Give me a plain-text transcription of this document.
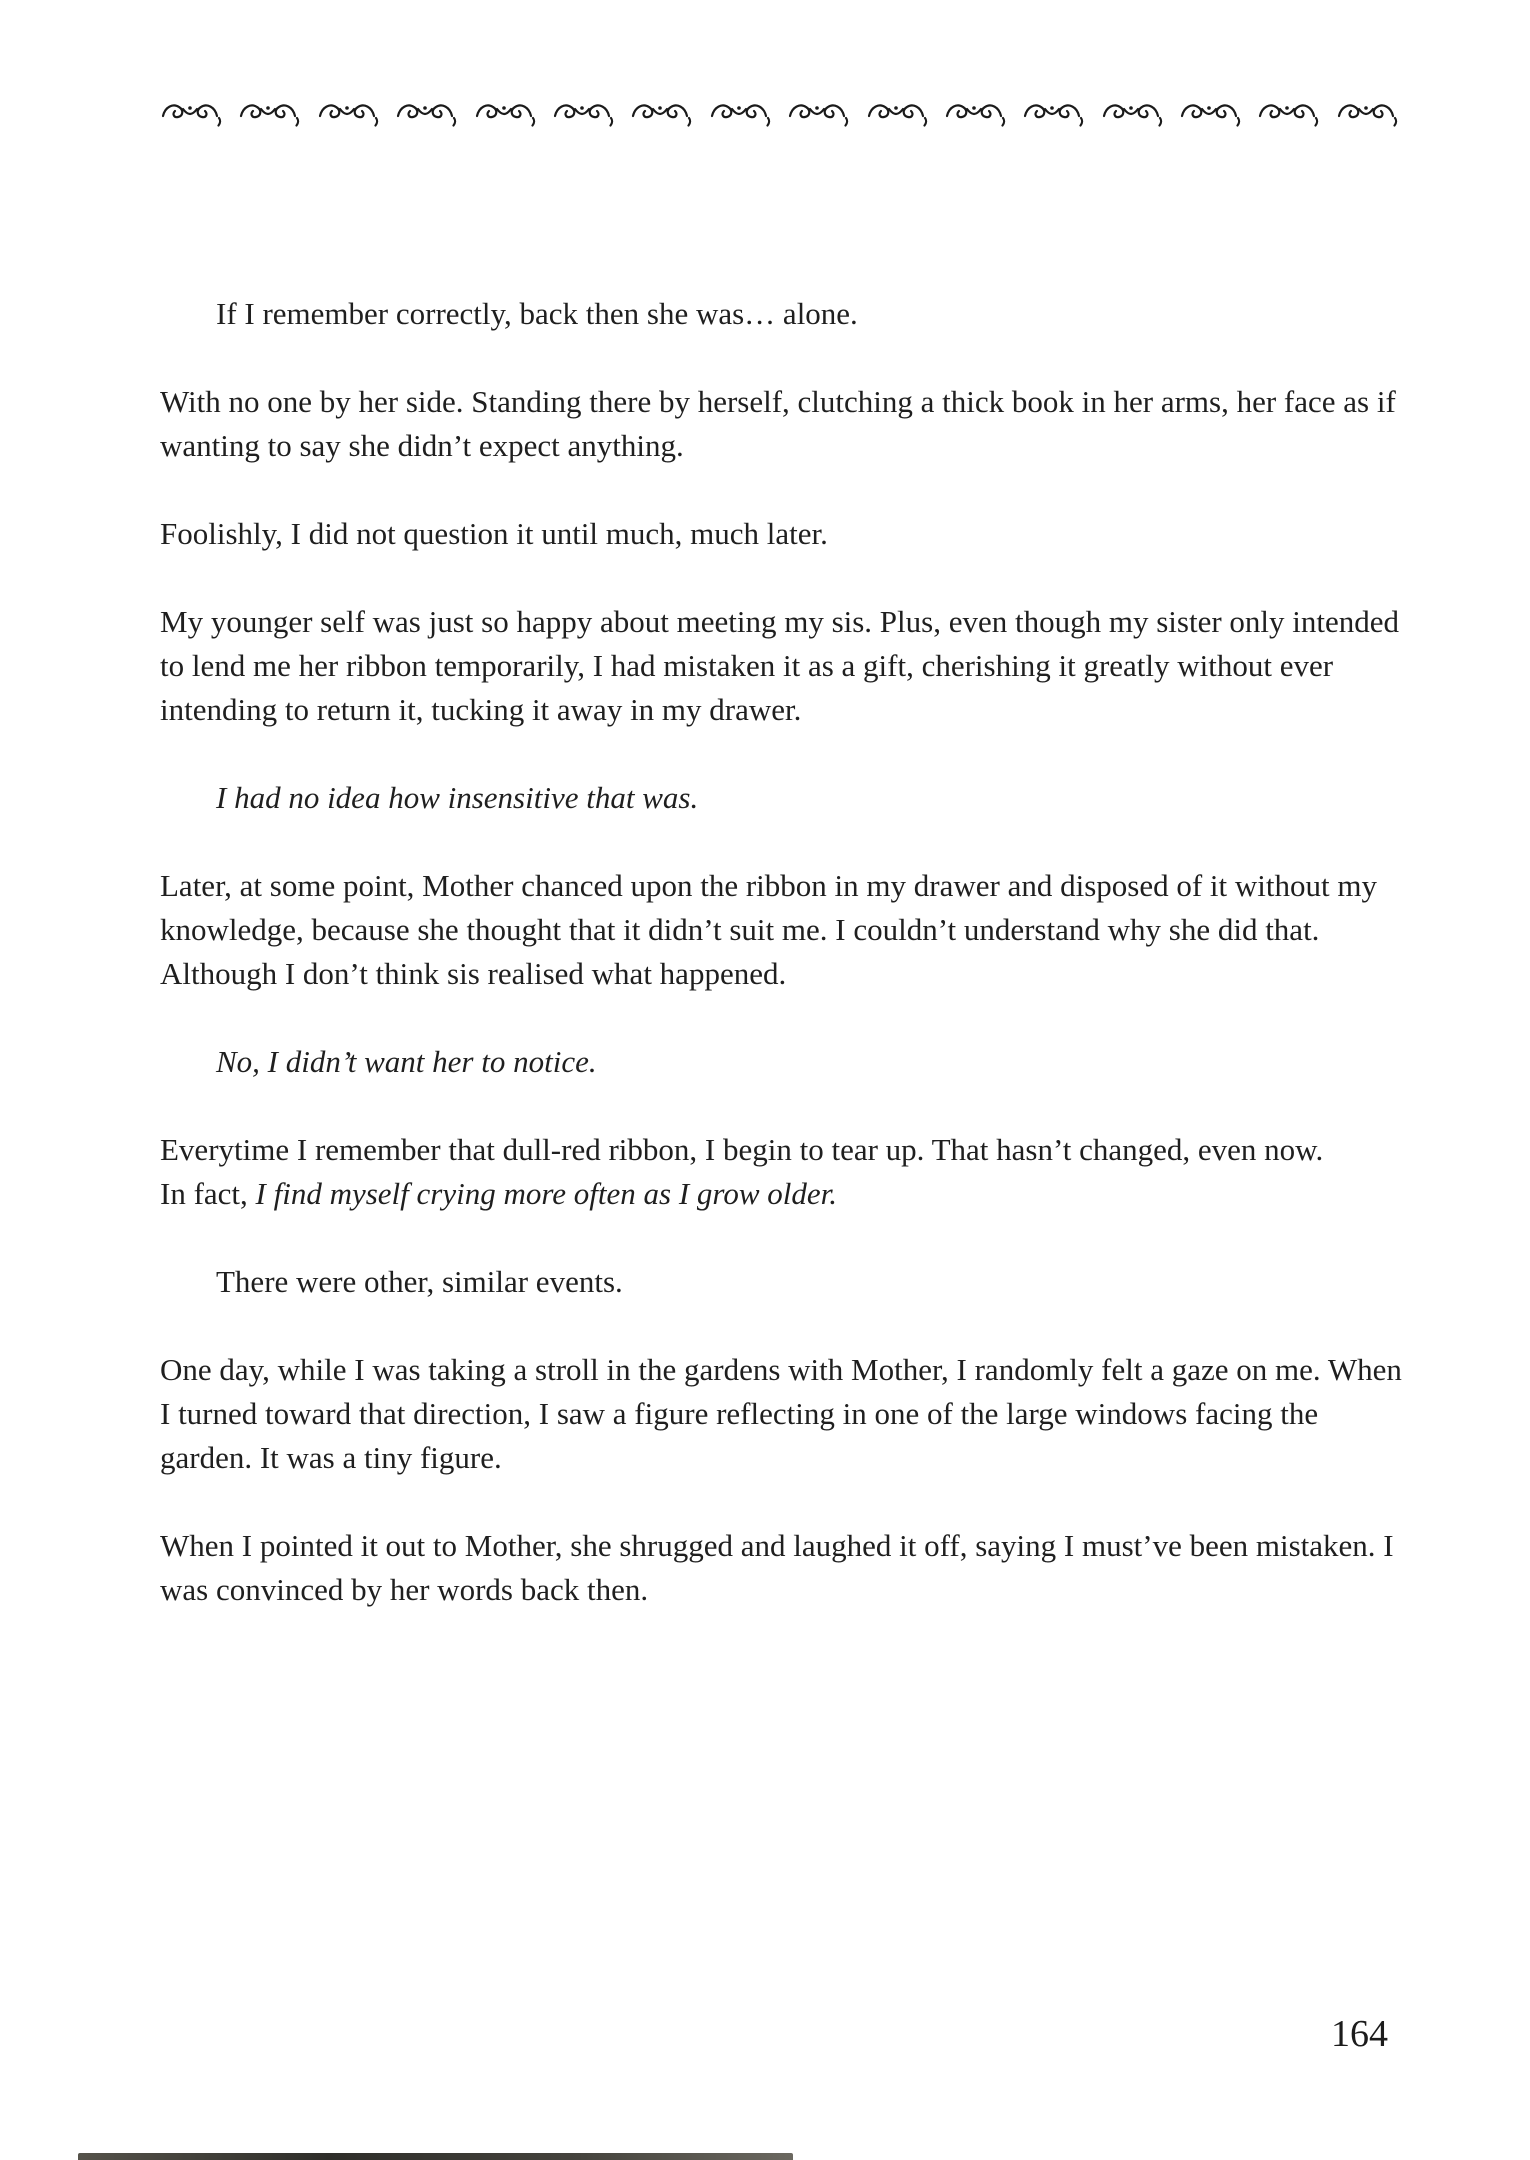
If I remember correctly, back then she was… alone.

With no one by her side. Standing there by herself, clutching a thick book in her arms, her face as if wanting to say she didn’t expect anything.

Foolishly, I did not question it until much, much later.

My younger self was just so happy about meeting my sis. Plus, even though my sister only intended to lend me her ribbon temporarily, I had mistaken it as a gift, cherishing it greatly without ever intending to return it, tucking it away in my drawer.

I had no idea how insensitive that was.

Later, at some point, Mother chanced upon the ribbon in my drawer and disposed of it without my knowledge, because she thought that it didn’t suit me. I couldn’t understand why she did that. Although I don’t think sis realised what happened.

No, I didn’t want her to notice.

Everytime I remember that dull-red ribbon, I begin to tear up. That hasn’t changed, even now.
In fact, I find myself crying more often as I grow older.

There were other, similar events.

One day, while I was taking a stroll in the gardens with Mother, I randomly felt a gaze on me. When I turned toward that direction, I saw a figure reflecting in one of the large windows facing the garden. It was a tiny figure.

When I pointed it out to Mother, she shrugged and laughed it off, saying I must’ve been mistaken. I was convinced by her words back then.

164
